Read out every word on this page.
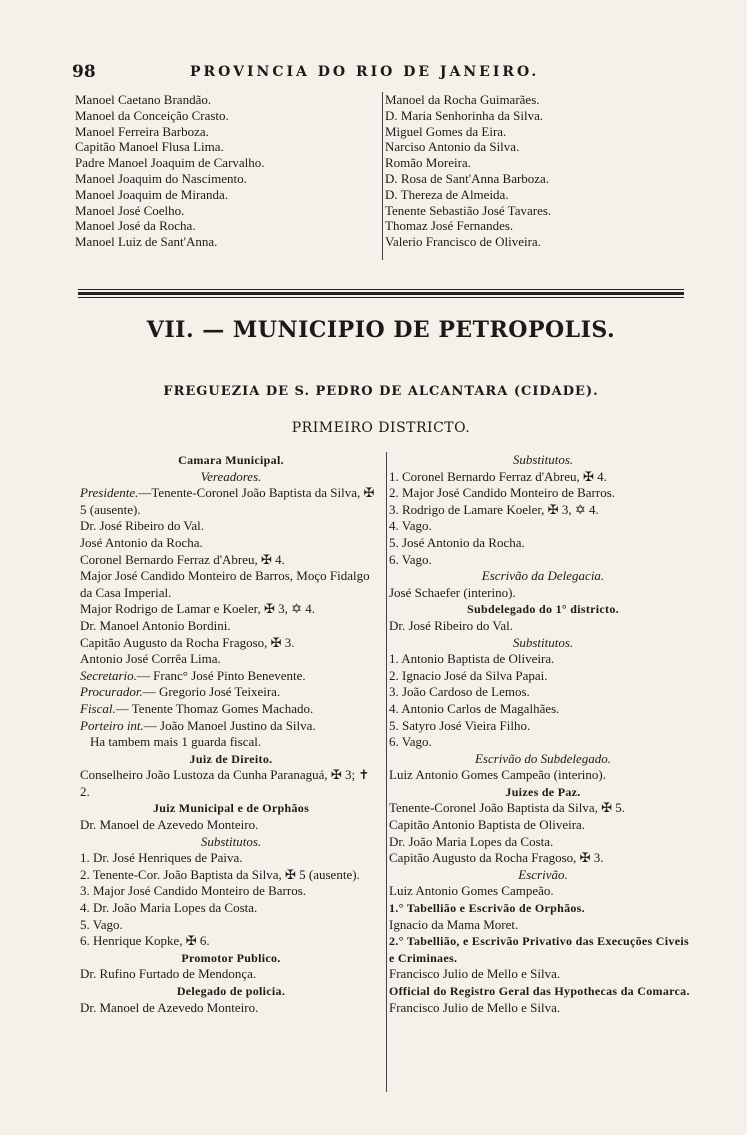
98	PROVINCIA DO RIO DE JANEIRO.
Manoel Caetano Brandão.
Manoel da Conceição Crasto.
Manoel Ferreira Barboza.
Capitão Manoel Flusa Lima.
Padre Manoel Joaquim de Carvalho.
Manoel Joaquim do Nascimento.
Manoel Joaquim de Miranda.
Manoel José Coelho.
Manoel José da Rocha.
Manoel Luiz de Sant'Anna.
Manoel da Rocha Guimarães.
D. Maria Senhorinha da Silva.
Miguel Gomes da Eira.
Narciso Antonio da Silva.
Romão Moreira.
D. Rosa de Sant'Anna Barboza.
D. Thereza de Almeida.
Tenente Sebastião José Tavares.
Thomaz José Fernandes.
Valerio Francisco de Oliveira.
VII. — MUNICIPIO DE PETROPOLIS.
FREGUEZIA DE S. PEDRO DE ALCANTARA (CIDADE).
PRIMEIRO DISTRICTO.
Camara Municipal.
Vereadores.
Presidente.—Tenente-Coronel João Baptista da Silva, ✠ 5 (ausente).
Dr. José Ribeiro do Val.
José Antonio da Rocha.
Coronel Bernardo Ferraz d'Abreu, ✠ 4.
Major José Candido Monteiro de Barros, Moço Fidalgo da Casa Imperial.
Major Rodrigo de Lamar e Koeler, ✠ 3, ✡ 4.
Dr. Manoel Antonio Bordini.
Capitão Augusto da Rocha Fragoso, ✠ 3.
Antonio José Corrêa Lima.
Secretario.— Franc° José Pinto Benevente.
Procurador.— Gregorio José Teixeira.
Fiscal.— Tenente Thomaz Gomes Machado.
Porteiro int.— João Manoel Justino da Silva.
Ha tambem mais 1 guarda fiscal.
Juiz de Direito.
Conselheiro João Lustoza da Cunha Paranaguá, ✠ 3; ✝ 2.
Juiz Municipal e de Orphãos
Dr. Manoel de Azevedo Monteiro.
Substitutos.
1. Dr. José Henriques de Paiva.
2. Tenente-Cor. João Baptista da Silva, ✠ 5 (ausente).
3. Major José Candido Monteiro de Barros.
4. Dr. João Maria Lopes da Costa.
5. Vago.
6. Henrique Kopke, ✠ 6.
Promotor Publico.
Dr. Rufino Furtado de Mendonça.
Delegado de policia.
Dr. Manoel de Azevedo Monteiro.
Substitutos.
1. Coronel Bernardo Ferraz d'Abreu, ✠ 4.
2. Major José Candido Monteiro de Barros.
3. Rodrigo de Lamare Koeler, ✠ 3, ✡ 4.
4. Vago.
5. José Antonio da Rocha.
6. Vago.
Escrivão da Delegacia.
José Schaefer (interino).
Subdelegado do 1° districto.
Dr. José Ribeiro do Val.
Substitutos.
1. Antonio Baptista de Oliveira.
2. Ignacio José da Silva Papai.
3. João Cardoso de Lemos.
4. Antonio Carlos de Magalhães.
5. Satyro José Vieira Filho.
6. Vago.
Escrivão do Subdelegado.
Luiz Antonio Gomes Campeão (interino).
Juizes de Paz.
Tenente-Coronel João Baptista da Silva, ✠ 5.
Capitão Antonio Baptista de Oliveira.
Dr. João Maria Lopes da Costa.
Capitão Augusto da Rocha Fragoso, ✠ 3.
Escrivão.
Luiz Antonio Gomes Campeão.
1.° Tabellião e Escrivão de Orphãos.
Ignacio da Mama Moret.
2.° Tabellião, e Escrivão Privativo das Execuções Civeis e Criminaes.
Francisco Julio de Mello e Silva.
Official do Registro Geral das Hypothecas da Comarca.
Francisco Julio de Mello e Silva.
